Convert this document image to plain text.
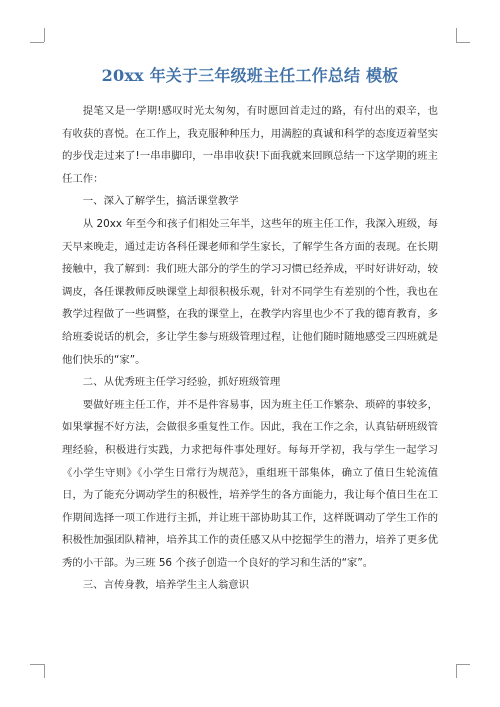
20xx 年关于三年级班主任工作总结 模板

提笔又是一学期!感叹时光太匆匆，有时愿回首走过的路，有付出的艰辛，也有收获的喜悦。在工作上，我克服种种压力，用满腔的真诚和科学的态度迈着坚实的步伐走过来了!一串串脚印，一串串收获!下面我就来回顾总结一下这学期的班主任工作：

一、深入了解学生，搞活课堂教学

从 20xx 年至今和孩子们相处三年半，这些年的班主任工作，我深入班级，每天早来晚走，通过走访各科任课老师和学生家长，了解学生各方面的表现。在长期接触中，我了解到：我们班大部分的学生的学习习惯已经养成，平时好讲好动，较调皮，各任课教师反映课堂上却很积极乐观，针对不同学生有差别的个性，我也在教学过程做了一些调整，在我的课堂上，在教学内容里也少不了我的德育教育，多给班委说话的机会，多让学生参与班级管理过程，让他们随时随地感受三四班就是他们快乐的“家”。

二、从优秀班主任学习经验，抓好班级管理

要做好班主任工作，并不是件容易事，因为班主任工作繁杂、琐碎的事较多，如果掌握不好方法，会做很多重复性工作。因此，我在工作之余，认真钻研班级管理经验，积极进行实践，力求把每件事处理好。每每开学初，我与学生一起学习《小学生守则》《小学生日常行为规范》，重组班干部集体，确立了值日生轮流值日，为了能充分调动学生的积极性，培养学生的各方面能力，我让每个值日生在工作期间选择一项工作进行主抓，并让班干部协助其工作，这样既调动了学生工作的积极性加强团队精神，培养其工作的责任感又从中挖掘学生的潜力，培养了更多优秀的小干部。为三班 56 个孩子创造一个良好的学习和生活的“家”。

三、言传身教，培养学生主人翁意识
